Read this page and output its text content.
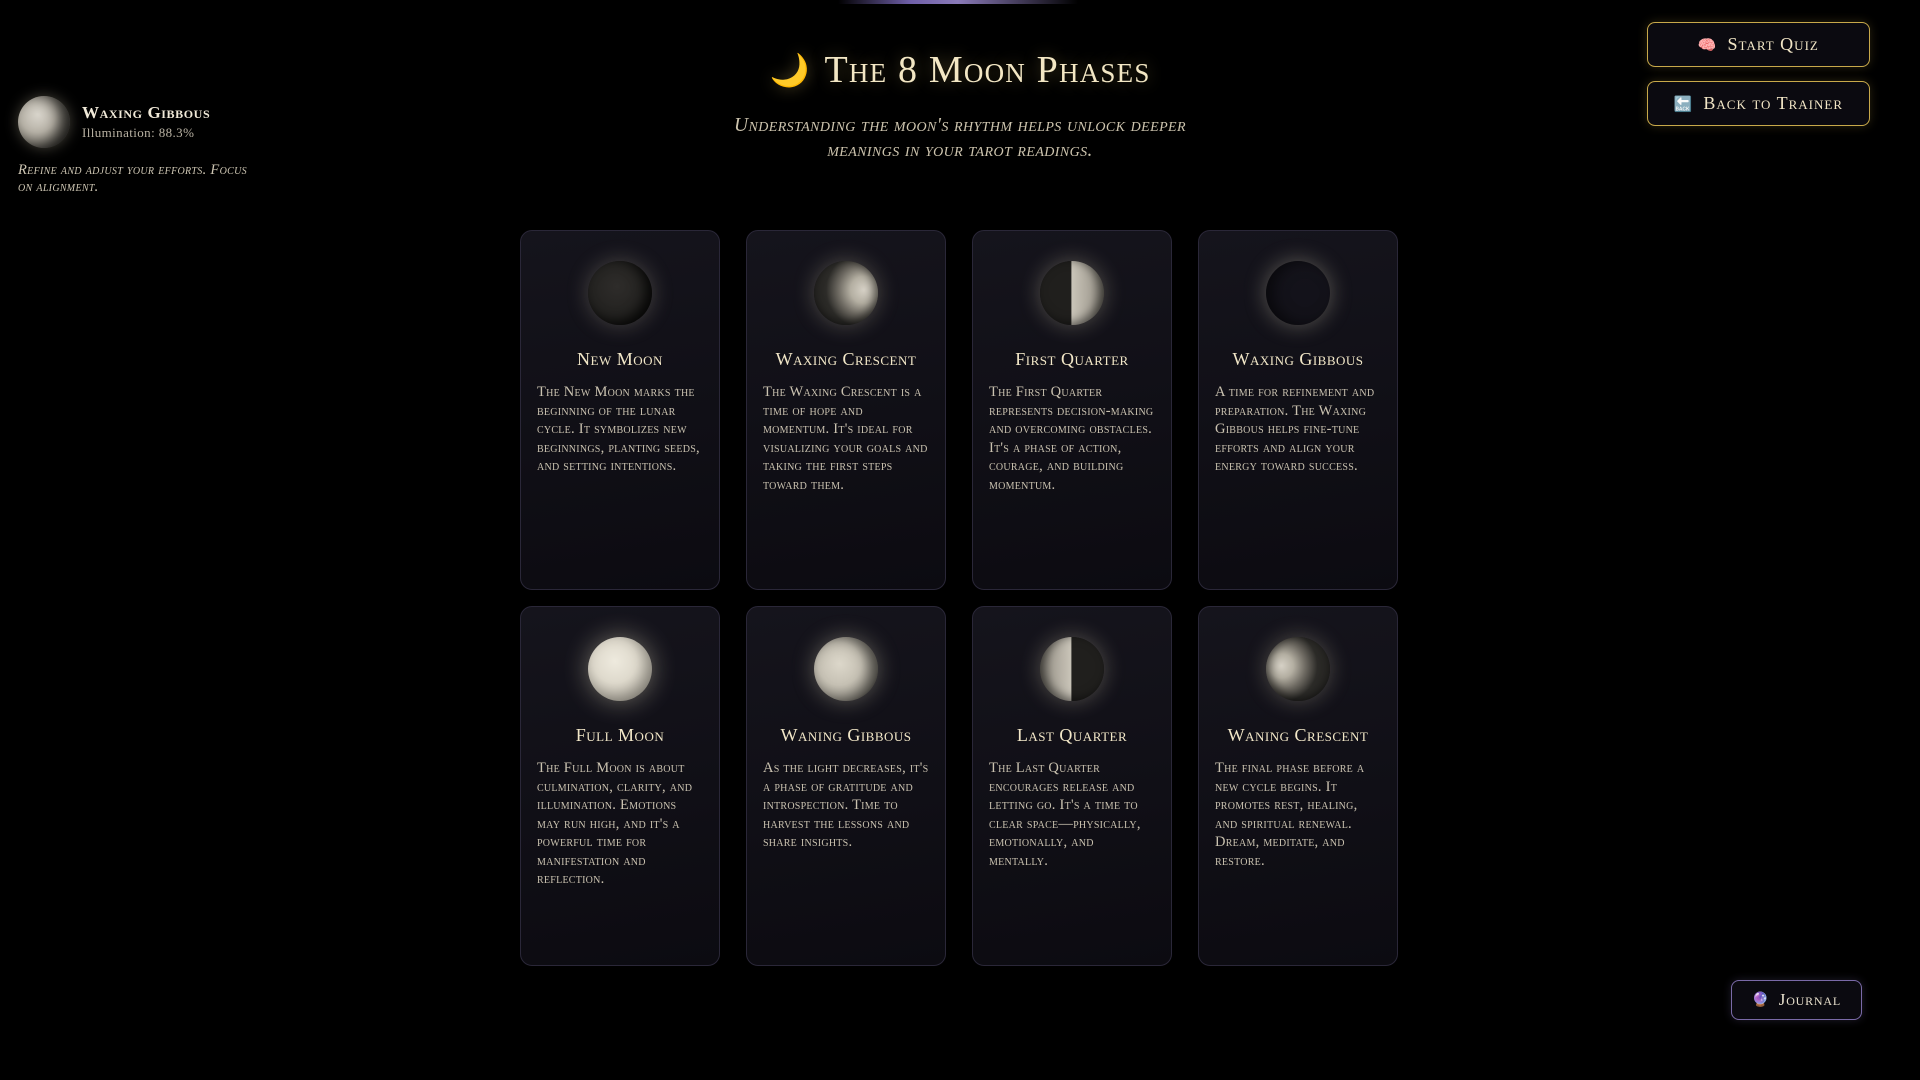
Waxing Gibbous
Illumination: 88.3%
Refine and adjust your efforts. Focus on alignment.
🧠 Start Quiz
🔙 Back to Trainer
🌙 The 8 Moon Phases
Understanding the moon's rhythm helps unlock deeper meanings in your tarot readings.
New Moon
The New Moon marks the beginning of the lunar cycle. It symbolizes new beginnings, planting seeds, and setting intentions.
Waxing Crescent
The Waxing Crescent is a time of hope and momentum. It's ideal for visualizing your goals and taking the first steps toward them.
First Quarter
The First Quarter represents decision-making and overcoming obstacles. It's a phase of action, courage, and building momentum.
Waxing Gibbous
A time for refinement and preparation. The Waxing Gibbous helps fine-tune efforts and align your energy toward success.
Full Moon
The Full Moon is about culmination, clarity, and illumination. Emotions may run high, and it's a powerful time for manifestation and reflection.
Waning Gibbous
As the light decreases, it's a phase of gratitude and introspection. Time to harvest the lessons and share insights.
Last Quarter
The Last Quarter encourages release and letting go. It's a time to clear space—physically, emotionally, and mentally.
Waning Crescent
The final phase before a new cycle begins. It promotes rest, healing, and spiritual renewal. Dream, meditate, and restore.
🔮 Journal
